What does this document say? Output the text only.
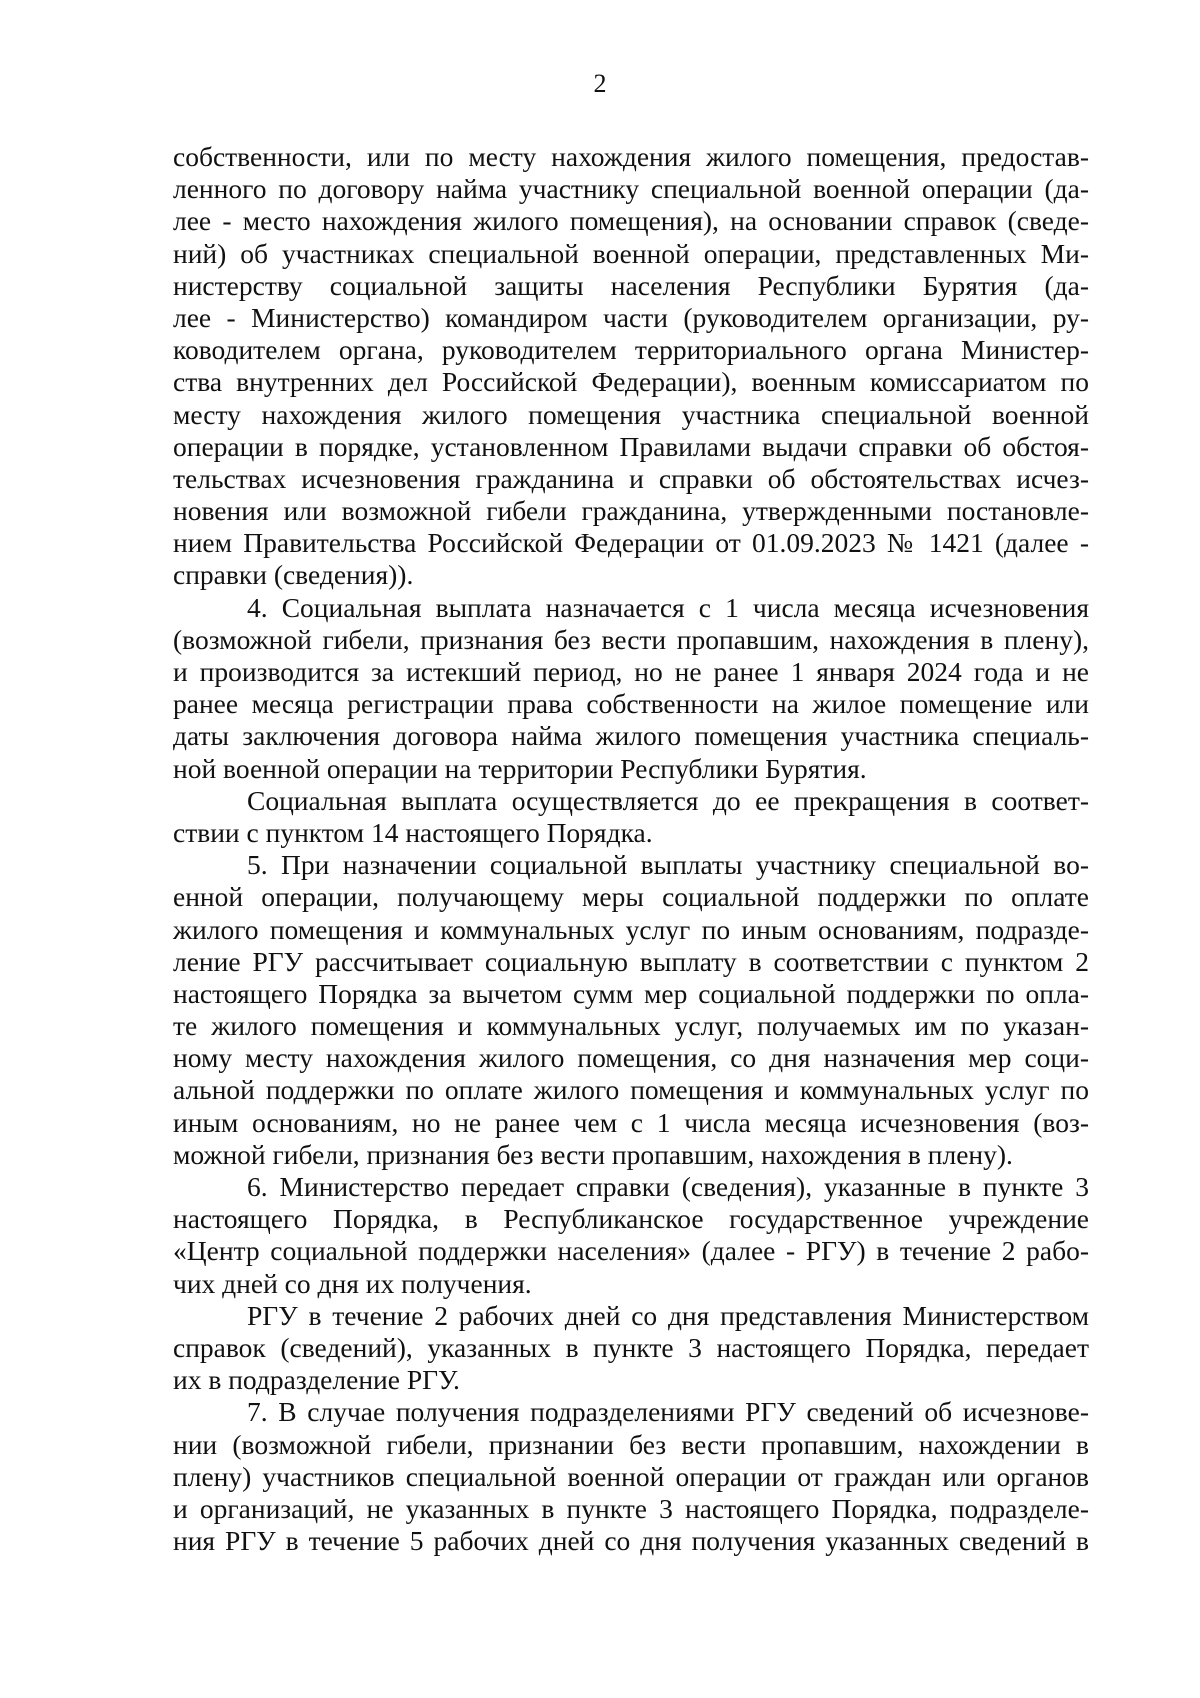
2
собственности, или по месту нахождения жилого помещения, предостав-
ленного по договору найма участнику специальной военной операции (да-
лее - место нахождения жилого помещения), на основании справок (сведе-
ний) об участниках специальной военной операции, представленных Ми-
нистерству социальной защиты населения Республики Бурятия (да-
лее - Министерство) командиром части (руководителем организации, ру-
ководителем органа, руководителем территориального органа Министер-
ства внутренних дел Российской Федерации), военным комиссариатом по
месту нахождения жилого помещения участника специальной военной
операции в порядке, установленном Правилами выдачи справки об обстоя-
тельствах исчезновения гражданина и справки об обстоятельствах исчез-
новения или возможной гибели гражданина, утвержденными постановле-
нием Правительства Российской Федерации от 01.09.2023 № 1421 (далее -
справки (сведения)).
4. Социальная выплата назначается с 1 числа месяца исчезновения
(возможной гибели, признания без вести пропавшим, нахождения в плену),
и производится за истекший период, но не ранее 1 января 2024 года и не
ранее месяца регистрации права собственности на жилое помещение или
даты заключения договора найма жилого помещения участника специаль-
ной военной операции на территории Республики Бурятия.
Социальная выплата осуществляется до ее прекращения в соответ-
ствии с пунктом 14 настоящего Порядка.
5. При назначении социальной выплаты участнику специальной во-
енной операции, получающему меры социальной поддержки по оплате
жилого помещения и коммунальных услуг по иным основаниям, подразде-
ление РГУ рассчитывает социальную выплату в соответствии с пунктом 2
настоящего Порядка за вычетом сумм мер социальной поддержки по опла-
те жилого помещения и коммунальных услуг, получаемых им по указан-
ному месту нахождения жилого помещения, со дня назначения мер соци-
альной поддержки по оплате жилого помещения и коммунальных услуг по
иным основаниям, но не ранее чем с 1 числа месяца исчезновения (воз-
можной гибели, признания без вести пропавшим, нахождения в плену).
6. Министерство передает справки (сведения), указанные в пункте 3
настоящего Порядка, в Республиканское государственное учреждение
«Центр социальной поддержки населения» (далее - РГУ) в течение 2 рабо-
чих дней со дня их получения.
РГУ в течение 2 рабочих дней со дня представления Министерством
справок (сведений), указанных в пункте 3 настоящего Порядка, передает
их в подразделение РГУ.
7. В случае получения подразделениями РГУ сведений об исчезнове-
нии (возможной гибели, признании без вести пропавшим, нахождении в
плену) участников специальной военной операции от граждан или органов
и организаций, не указанных в пункте 3 настоящего Порядка, подразделе-
ния РГУ в течение 5 рабочих дней со дня получения указанных сведений в
